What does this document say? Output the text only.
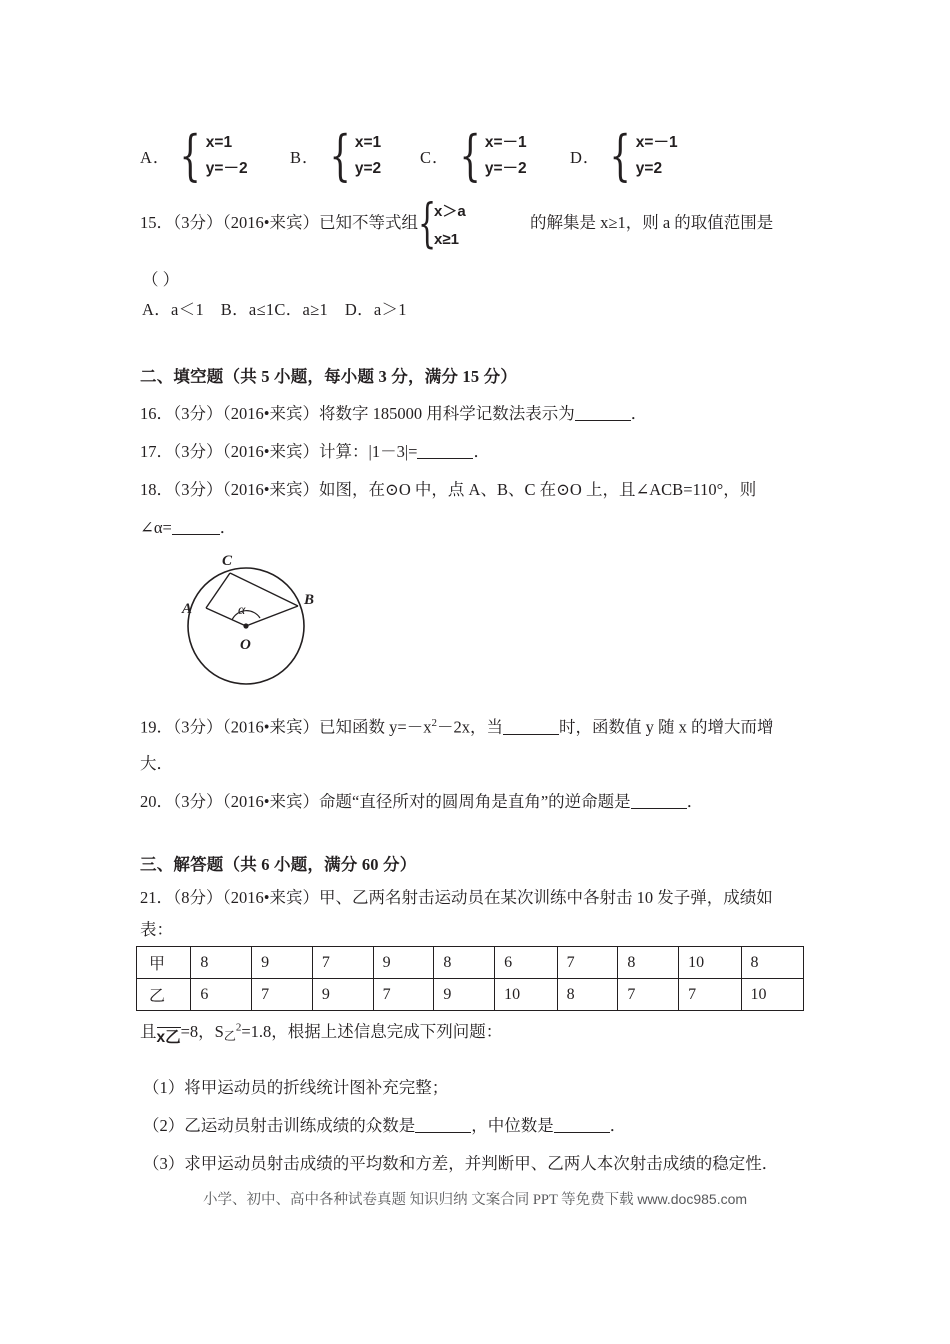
A． { x=1
y=－2
B． { x=1
y=2
C． { x=－1
y=－2
D． { x=－1
y=2
15．（3分）（2016•来宾）已知不等式组 {
x＞a
x≥1
的解集是 x≥1，则 a 的取值范围是
（ ）
A．a＜1　B．a≤1C．a≥1　D．a＞1
二、填空题（共 5 小题，每小题 3 分，满分 15 分）
16．（3分）（2016•来宾）将数字 185000 用科学记数法表示为	．
17．（3分）（2016•来宾）计算：|1－3|=	．
18．（3分）（2016•来宾）如图，在⊙O 中，点 A、B、C 在⊙O 上，且∠ACB=110°，则
∠α=	．
A
B
C
O
α
19．（3分）（2016•来宾）已知函数 $y=-x^2-2x$，当	时，函数值 y 随 x 的增大而增
大．
20．（3分）（2016•来宾）命题“直径所对的圆周角是直角”的逆命题是	．
三、解答题（共 6 小题，满分 60 分）
21．（8分）（2016•来宾）甲、乙两名射击运动员在某次训练中各射击 10 发子弹，成绩如
表：
甲	8	9	7	9	8	6	7	8	10	8
乙	6	7	9	7	9	10	8	7	7	10
且x乙=8，S乙$^2$=1.8，根据上述信息完成下列问题：
（1）将甲运动员的折线统计图补充完整；
（2）乙运动员射击训练成绩的众数是	，中位数是	．
（3）求甲运动员射击成绩的平均数和方差，并判断甲、乙两人本次射击成绩的稳定性．
小学、初中、高中各种试卷真题 知识归纳 文案合同 PPT 等免费下载 www.doc985.com
